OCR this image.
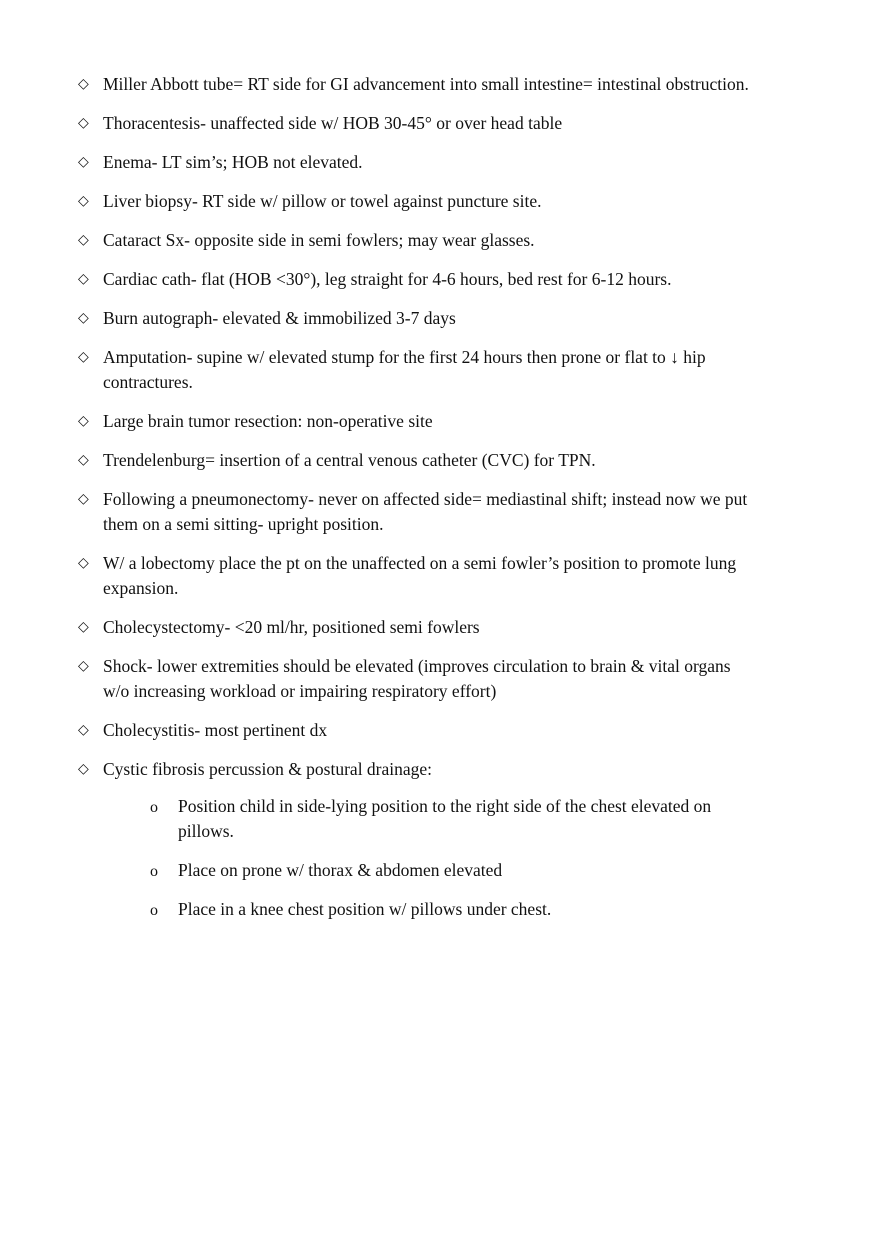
◇ Miller Abbott tube= RT side for GI advancement into small intestine= intestinal obstruction.
◇ Thoracentesis- unaffected side w/ HOB 30-45° or over head table
◇ Enema- LT sim’s; HOB not elevated.
◇ Liver biopsy- RT side w/ pillow or towel against puncture site.
◇ Cataract Sx- opposite side in semi fowlers; may wear glasses.
◇ Cardiac cath- flat (HOB <30°), leg straight for 4-6 hours, bed rest for 6-12 hours.
◇ Burn autograph- elevated & immobilized 3-7 days
◇ Amputation- supine w/ elevated stump for the first 24 hours then prone or flat to ↓ hip contractures.
◇ Large brain tumor resection: non-operative site
◇ Trendelenburg= insertion of a central venous catheter (CVC) for TPN.
◇ Following a pneumonectomy- never on affected side= mediastinal shift; instead now we put them on a semi sitting- upright position.
◇ W/ a lobectomy place the pt on the unaffected on a semi fowler’s position to promote lung expansion.
◇ Cholecystectomy- <20 ml/hr, positioned semi fowlers
◇ Shock- lower extremities should be elevated (improves circulation to brain & vital organs w/o increasing workload or impairing respiratory effort)
◇ Cholecystitis- most pertinent dx
◇ Cystic fibrosis percussion & postural drainage:
o	Position child in side-lying position to the right side of the chest elevated on pillows.
o	Place on prone w/ thorax & abdomen elevated
o	Place in a knee chest position w/ pillows under chest.
